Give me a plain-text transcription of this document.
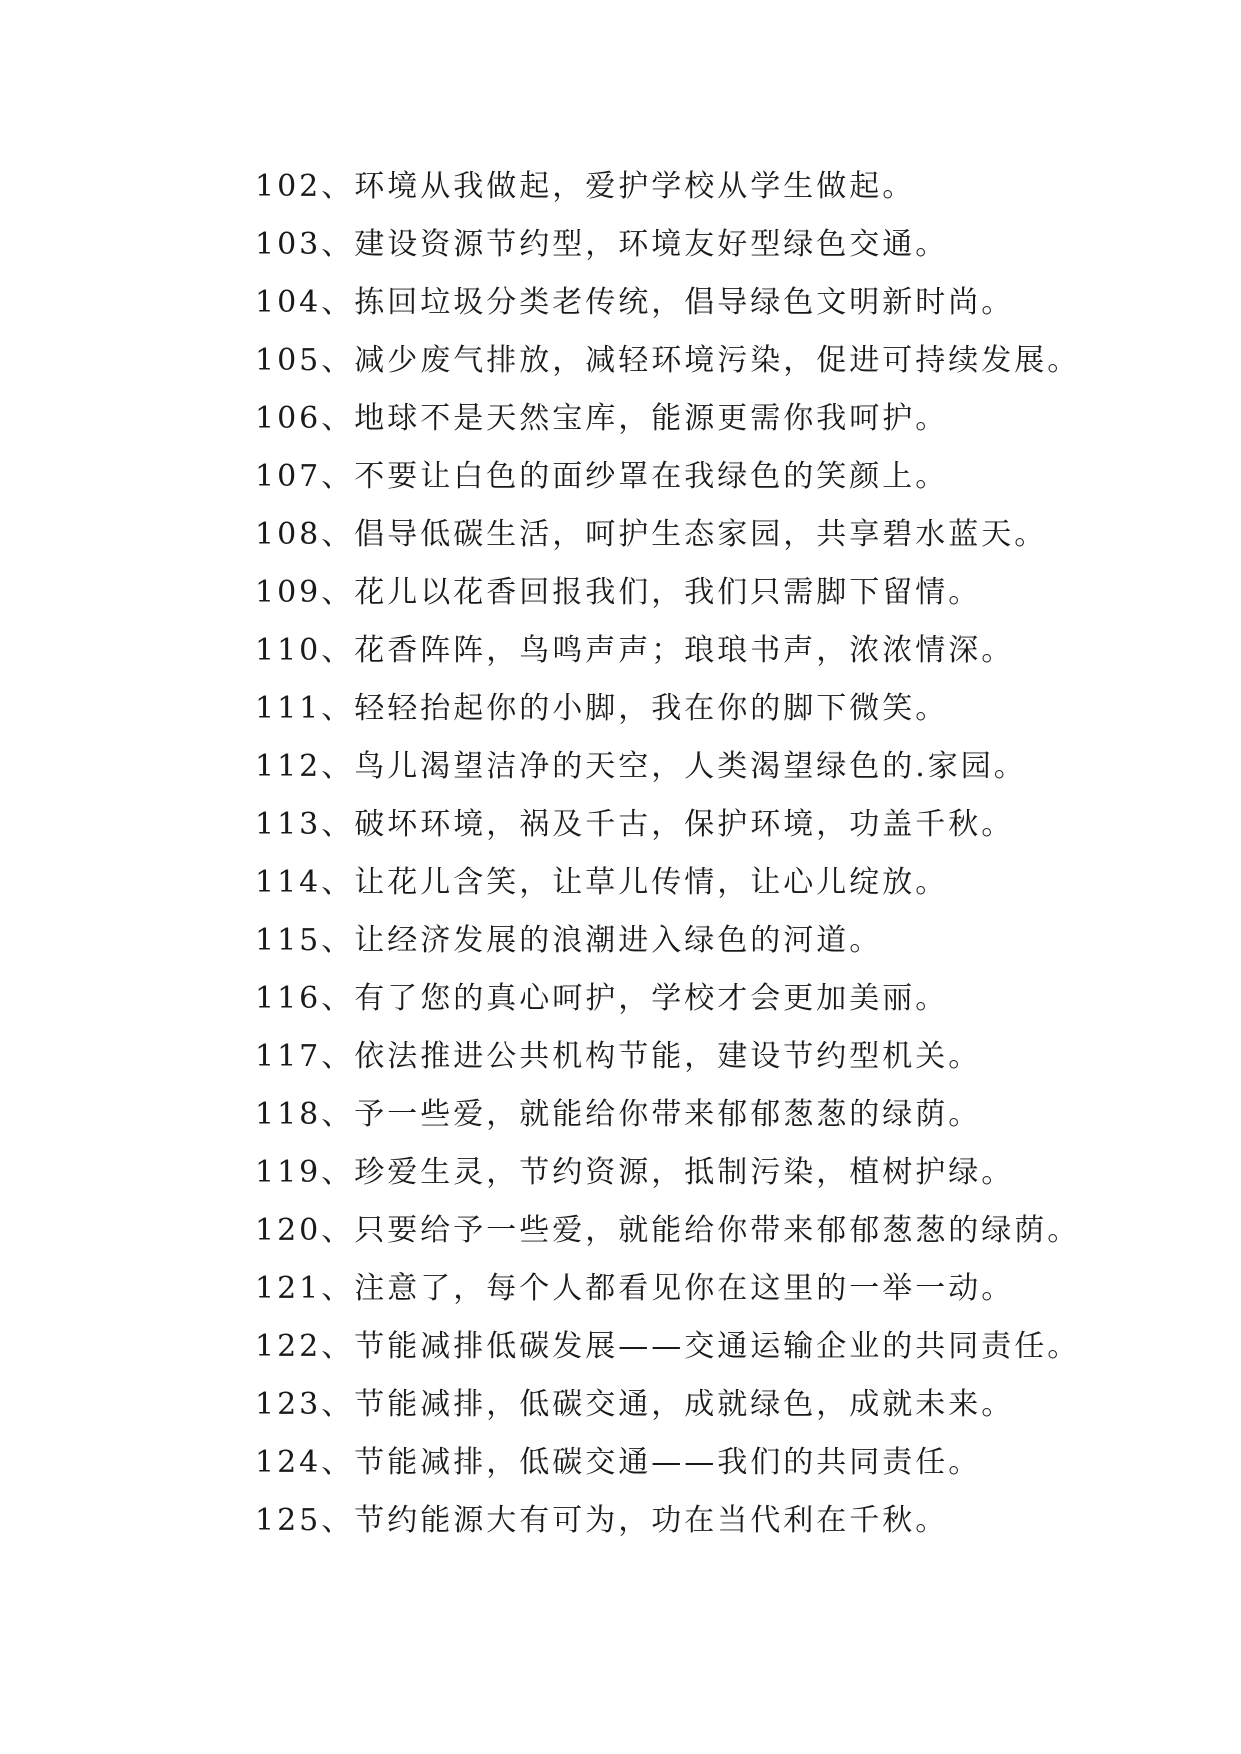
102、环境从我做起，爱护学校从学生做起。
103、建设资源节约型，环境友好型绿色交通。
104、拣回垃圾分类老传统，倡导绿色文明新时尚。
105、减少废气排放，减轻环境污染，促进可持续发展。
106、地球不是天然宝库，能源更需你我呵护。
107、不要让白色的面纱罩在我绿色的笑颜上。
108、倡导低碳生活，呵护生态家园，共享碧水蓝天。
109、花儿以花香回报我们，我们只需脚下留情。
110、花香阵阵，鸟鸣声声；琅琅书声，浓浓情深。
111、轻轻抬起你的小脚，我在你的脚下微笑。
112、鸟儿渴望洁净的天空，人类渴望绿色的.家园。
113、破坏环境，祸及千古，保护环境，功盖千秋。
114、让花儿含笑，让草儿传情，让心儿绽放。
115、让经济发展的浪潮进入绿色的河道。
116、有了您的真心呵护，学校才会更加美丽。
117、依法推进公共机构节能，建设节约型机关。
118、予一些爱，就能给你带来郁郁葱葱的绿荫。
119、珍爱生灵，节约资源，抵制污染，植树护绿。
120、只要给予一些爱，就能给你带来郁郁葱葱的绿荫。
121、注意了，每个人都看见你在这里的一举一动。
122、节能减排低碳发展——交通运输企业的共同责任。
123、节能减排，低碳交通，成就绿色，成就未来。
124、节能减排，低碳交通——我们的共同责任。
125、节约能源大有可为，功在当代利在千秋。
